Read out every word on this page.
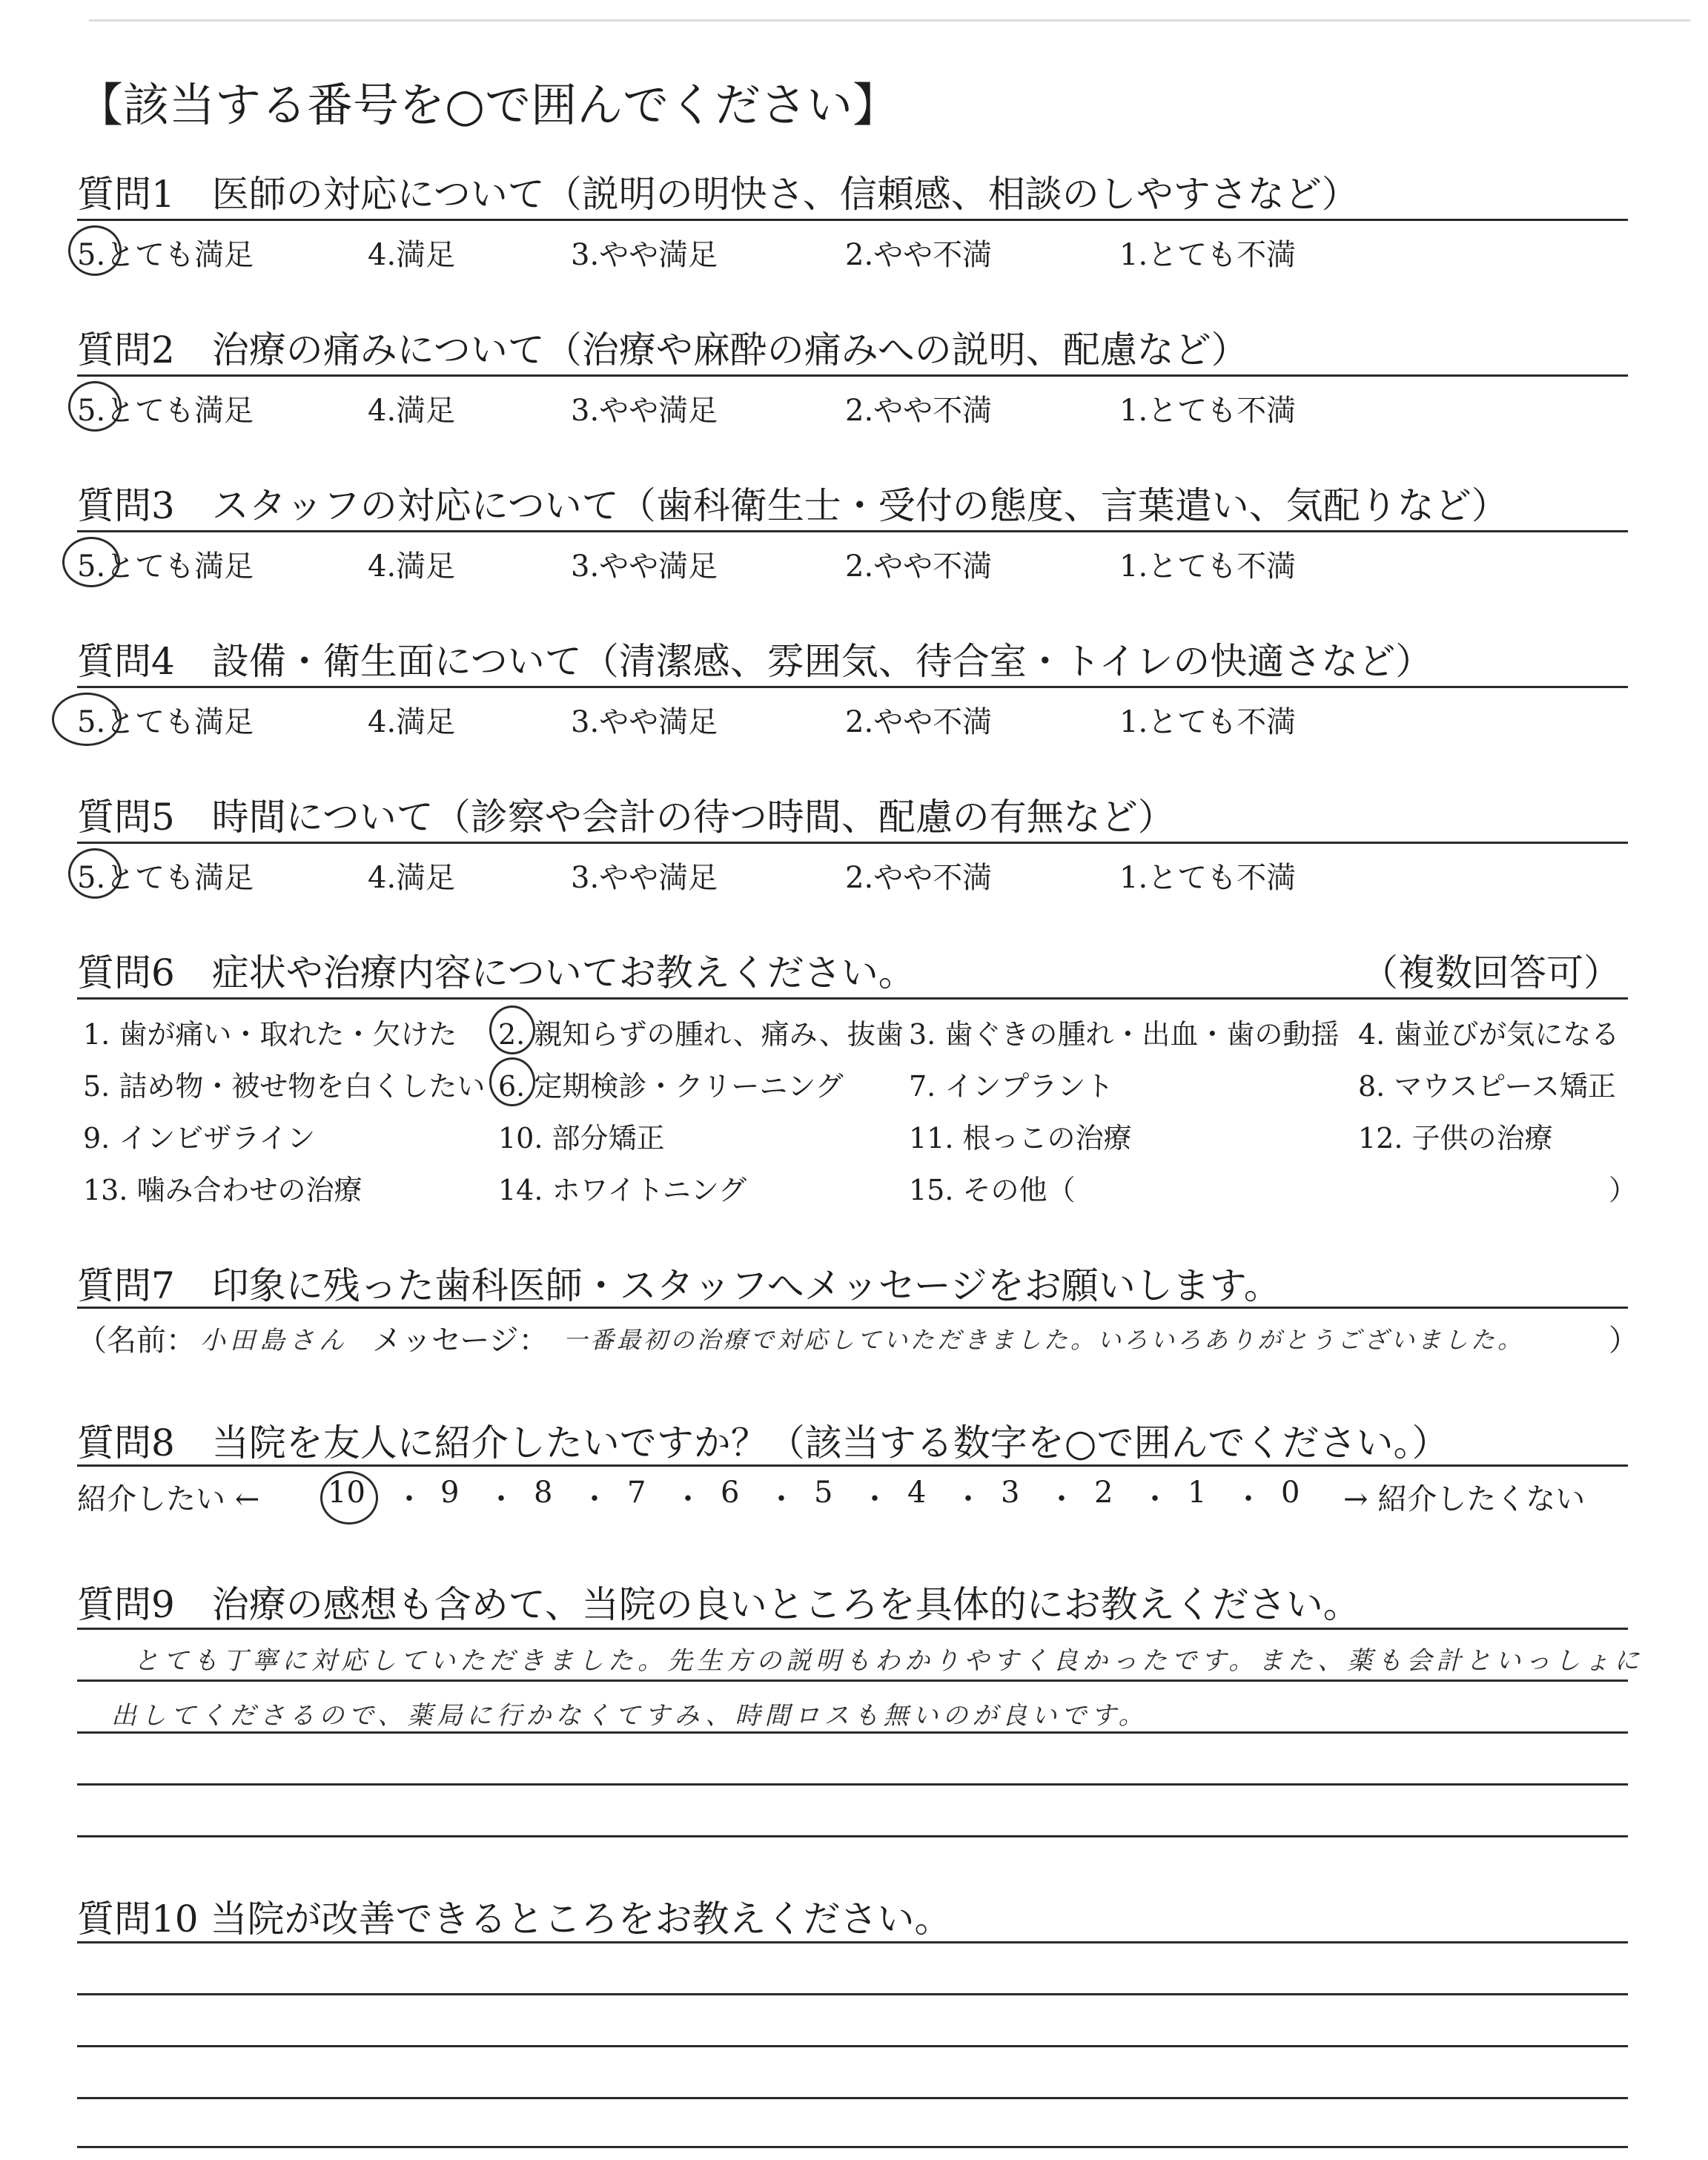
【該当する番号を○で囲んでください】
質問1　医師の対応について（説明の明快さ、信頼感、相談のしやすさなど）
5.とても満足	4.満足	3.やや満足	2.やや不満	1.とても不満
質問2　治療の痛みについて（治療や麻酔の痛みへの説明、配慮など）
5.とても満足	4.満足	3.やや満足	2.やや不満	1.とても不満
質問3　スタッフの対応について（歯科衛生士・受付の態度、言葉遣い、気配りなど）
5.とても満足	4.満足	3.やや満足	2.やや不満	1.とても不満
質問4　設備・衛生面について（清潔感、雰囲気、待合室・トイレの快適さなど）
5.とても満足	4.満足	3.やや満足	2.やや不満	1.とても不満
質問5　時間について（診察や会計の待つ時間、配慮の有無など）
5.とても満足	4.満足	3.やや満足	2.やや不満	1.とても不満
質問6　症状や治療内容についてお教えください。	（複数回答可）
1. 歯が痛い・取れた・欠けた 2. 親知らずの腫れ、痛み、抜歯 3. 歯ぐきの腫れ・出血・歯の動揺 4. 歯並びが気になる
5. 詰め物・被せ物を白くしたい 6. 定期検診・クリーニング 7. インプラント	8. マウスピース矯正
9. インビザライン	10. 部分矯正	11. 根っこの治療	12. 子供の治療
13. 噛み合わせの治療	14. ホワイトニング	15. その他（	）
質問7　印象に残った歯科医師・スタッフへメッセージをお願いします。
（名前： 小田島さん メッセージ： 一番最初の治療で対応していただきました。いろいろありがとうございました。	）
質問8　当院を友人に紹介したいですか？（該当する数字を○で囲んでください。）
紹介したい ← 10 ・ 9 ・ 8 ・ 7 ・ 6 ・ 5 ・ 4 ・ 3 ・ 2 ・ 1 ・ 0 → 紹介したくない
質問9　治療の感想も含めて、当院の良いところを具体的にお教えください。
とても丁寧に対応していただきました。先生方の説明もわかりやすく良かったです。また、薬も会計といっしょに
出してくださるので、薬局に行かなくてすみ、時間ロスも無いのが良いです。
質問10 当院が改善できるところをお教えください。
